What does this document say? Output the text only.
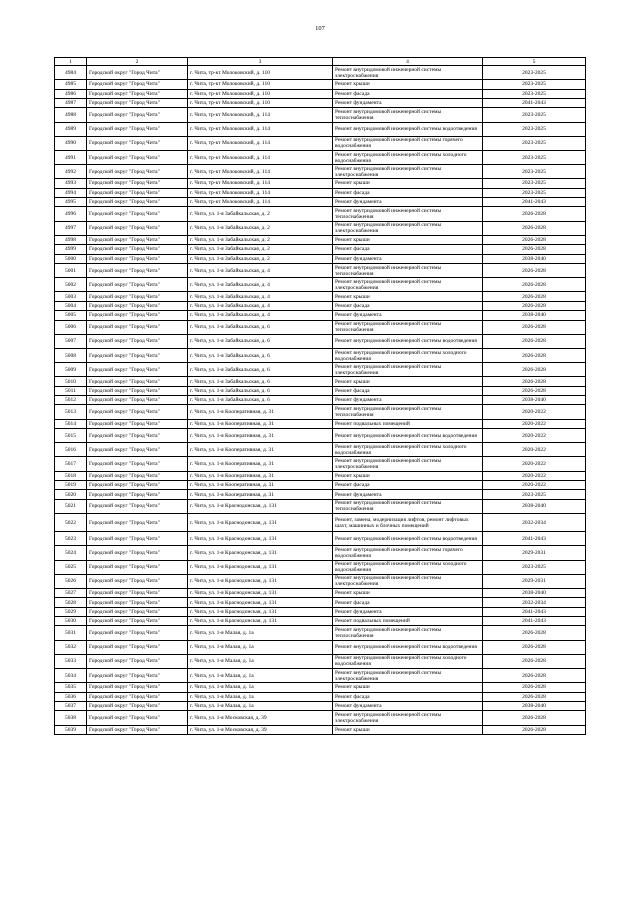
107
1	2	3	4	5
4984	Городской округ "Город Чита"	г. Чита, тр-кт Молоковский, д. 110	Ремонт внутридомовой инженерной системы электроснабжения	2023-2025
4985	Городской округ "Город Чита"	г. Чита, тр-кт Молоковский, д. 110	Ремонт крыши	2023-2025
4986	Городской округ "Город Чита"	г. Чита, тр-кт Молоковский, д. 110	Ремонт фасада	2023-2025
4987	Городской округ "Город Чита"	г. Чита, тр-кт Молоковский, д. 110	Ремонт фундамента	2041-2043
4988	Городской округ "Город Чита"	г. Чита, тр-кт Молоковский, д. 114	Ремонт внутридомовой инженерной системы теплоснабжения	2023-2025
4989	Городской округ "Город Чита"	г. Чита, тр-кт Молоковский, д. 114	Ремонт внутридомовой инженерной системы водоотведения	2023-2025
4990	Городской округ "Город Чита"	г. Чита, тр-кт Молоковский, д. 114	Ремонт внутридомовой инженерной системы горячего водоснабжения	2023-2025
4991	Городской округ "Город Чита"	г. Чита, тр-кт Молоковский, д. 114	Ремонт внутридомовой инженерной системы холодного водоснабжения	2023-2025
4992	Городской округ "Город Чита"	г. Чита, тр-кт Молоковский, д. 114	Ремонт внутридомовой инженерной системы электроснабжения	2023-2025
4993	Городской округ "Город Чита"	г. Чита, тр-кт Молоковский, д. 114	Ремонт крыши	2023-2025
4994	Городской округ "Город Чита"	г. Чита, тр-кт Молоковский, д. 114	Ремонт фасада	2023-2025
4995	Городской округ "Город Чита"	г. Чита, тр-кт Молоковский, д. 114	Ремонт фундамента	2041-2043
4996	Городской округ "Город Чита"	г. Чита, ул. 1-я Забайкальская, д. 2	Ремонт внутридомовой инженерной системы теплоснабжения	2026-2028
4997	Городской округ "Город Чита"	г. Чита, ул. 1-я Забайкальская, д. 2	Ремонт внутридомовой инженерной системы электроснабжения	2026-2028
4998	Городской округ "Город Чита"	г. Чита, ул. 1-я Забайкальская, д. 2	Ремонт крыши	2026-2028
4999	Городской округ "Город Чита"	г. Чита, ул. 1-я Забайкальская, д. 2	Ремонт фасада	2026-2028
5000	Городской округ "Город Чита"	г. Чита, ул. 1-я Забайкальская, д. 2	Ремонт фундамента	2038-2040
5001	Городской округ "Город Чита"	г. Чита, ул. 1-я Забайкальская, д. 4	Ремонт внутридомовой инженерной системы теплоснабжения	2026-2028
5002	Городской округ "Город Чита"	г. Чита, ул. 1-я Забайкальская, д. 4	Ремонт внутридомовой инженерной системы электроснабжения	2026-2028
5003	Городской округ "Город Чита"	г. Чита, ул. 1-я Забайкальская, д. 4	Ремонт крыши	2026-2028
5004	Городской округ "Город Чита"	г. Чита, ул. 1-я Забайкальская, д. 4	Ремонт фасада	2026-2028
5005	Городской округ "Город Чита"	г. Чита, ул. 1-я Забайкальская, д. 4	Ремонт фундамента	2038-2040
5006	Городской округ "Город Чита"	г. Чита, ул. 1-я Забайкальская, д. 6	Ремонт внутридомовой инженерной системы теплоснабжения	2026-2028
5007	Городской округ "Город Чита"	г. Чита, ул. 1-я Забайкальская, д. 6	Ремонт внутридомовой инженерной системы водоотведения	2026-2028
5008	Городской округ "Город Чита"	г. Чита, ул. 1-я Забайкальская, д. 6	Ремонт внутридомовой инженерной системы холодного водоснабжения	2026-2028
5009	Городской округ "Город Чита"	г. Чита, ул. 1-я Забайкальская, д. 6	Ремонт внутридомовой инженерной системы электроснабжения	2026-2028
5010	Городской округ "Город Чита"	г. Чита, ул. 1-я Забайкальская, д. 6	Ремонт крыши	2026-2028
5011	Городской округ "Город Чита"	г. Чита, ул. 1-я Забайкальская, д. 6	Ремонт фасада	2026-2028
5012	Городской округ "Город Чита"	г. Чита, ул. 1-я Забайкальская, д. 6	Ремонт фундамента	2038-2040
5013	Городской округ "Город Чита"	г. Чита, ул. 1-я Кооперативная, д. 31	Ремонт внутридомовой инженерной системы теплоснабжения	2020-2022
5014	Городской округ "Город Чита"	г. Чита, ул. 1-я Кооперативная, д. 31	Ремонт подвальных помещений	2020-2022
5015	Городской округ "Город Чита"	г. Чита, ул. 1-я Кооперативная, д. 31	Ремонт внутридомовой инженерной системы водоотведения	2020-2022
5016	Городской округ "Город Чита"	г. Чита, ул. 1-я Кооперативная, д. 31	Ремонт внутридомовой инженерной системы холодного водоснабжения	2020-2022
5017	Городской округ "Город Чита"	г. Чита, ул. 1-я Кооперативная, д. 31	Ремонт внутридомовой инженерной системы электроснабжения	2020-2022
5018	Городской округ "Город Чита"	г. Чита, ул. 1-я Кооперативная, д. 31	Ремонт крыши	2020-2022
5019	Городской округ "Город Чита"	г. Чита, ул. 1-я Кооперативная, д. 31	Ремонт фасада	2020-2022
5020	Городской округ "Город Чита"	г. Чита, ул. 1-я Кооперативная, д. 31	Ремонт фундамента	2023-2025
5021	Городской округ "Город Чита"	г. Чита, ул. 1-я Краснодонская, д. 131	Ремонт внутридомовой инженерной системы теплоснабжения	2038-2040
5022	Городской округ "Город Чита"	г. Чита, ул. 1-я Краснодонская, д. 131	Ремонт, замена, модернизация лифтов, ремонт лифтовых шахт, машинных и блочных помещений	2032-2034
5023	Городской округ "Город Чита"	г. Чита, ул. 1-я Краснодонская, д. 131	Ремонт внутридомовой инженерной системы водоотведения	2041-2043
5024	Городской округ "Город Чита"	г. Чита, ул. 1-я Краснодонская, д. 131	Ремонт внутридомовой инженерной системы горячего водоснабжения	2029-2031
5025	Городской округ "Город Чита"	г. Чита, ул. 1-я Краснодонская, д. 131	Ремонт внутридомовой инженерной системы холодного водоснабжения	2023-2025
5026	Городской округ "Город Чита"	г. Чита, ул. 1-я Краснодонская, д. 131	Ремонт внутридомовой инженерной системы электроснабжения	2029-2031
5027	Городской округ "Город Чита"	г. Чита, ул. 1-я Краснодонская, д. 131	Ремонт крыши	2038-2040
5028	Городской округ "Город Чита"	г. Чита, ул. 1-я Краснодонская, д. 131	Ремонт фасада	2032-2034
5029	Городской округ "Город Чита"	г. Чита, ул. 1-я Краснодонская, д. 131	Ремонт фундамента	2041-2043
5030	Городской округ "Город Чита"	г. Чита, ул. 1-я Краснодонская, д. 131	Ремонт подвальных помещений	2041-2043
5031	Городской округ "Город Чита"	г. Чита, ул. 1-я Малая, д. 1а	Ремонт внутридомовой инженерной системы теплоснабжения	2026-2028
5032	Городской округ "Город Чита"	г. Чита, ул. 1-я Малая, д. 1а	Ремонт внутридомовой инженерной системы водоотведения	2026-2028
5033	Городской округ "Город Чита"	г. Чита, ул. 1-я Малая, д. 1а	Ремонт внутридомовой инженерной системы холодного водоснабжения	2026-2028
5034	Городской округ "Город Чита"	г. Чита, ул. 1-я Малая, д. 1а	Ремонт внутридомовой инженерной системы электроснабжения	2026-2028
5035	Городской округ "Город Чита"	г. Чита, ул. 1-я Малая, д. 1а	Ремонт крыши	2026-2028
5036	Городской округ "Город Чита"	г. Чита, ул. 1-я Малая, д. 1а	Ремонт фасада	2026-2028
5037	Городской округ "Город Чита"	г. Чита, ул. 1-я Малая, д. 1а	Ремонт фундамента	2038-2040
5038	Городской округ "Город Чита"	г. Чита, ул. 1-я Московская, д. 39	Ремонт внутридомовой инженерной системы электроснабжения	2026-2028
5039	Городской округ "Город Чита"	г. Чита, ул. 1-я Московская, д. 39	Ремонт крыши	2026-2028
